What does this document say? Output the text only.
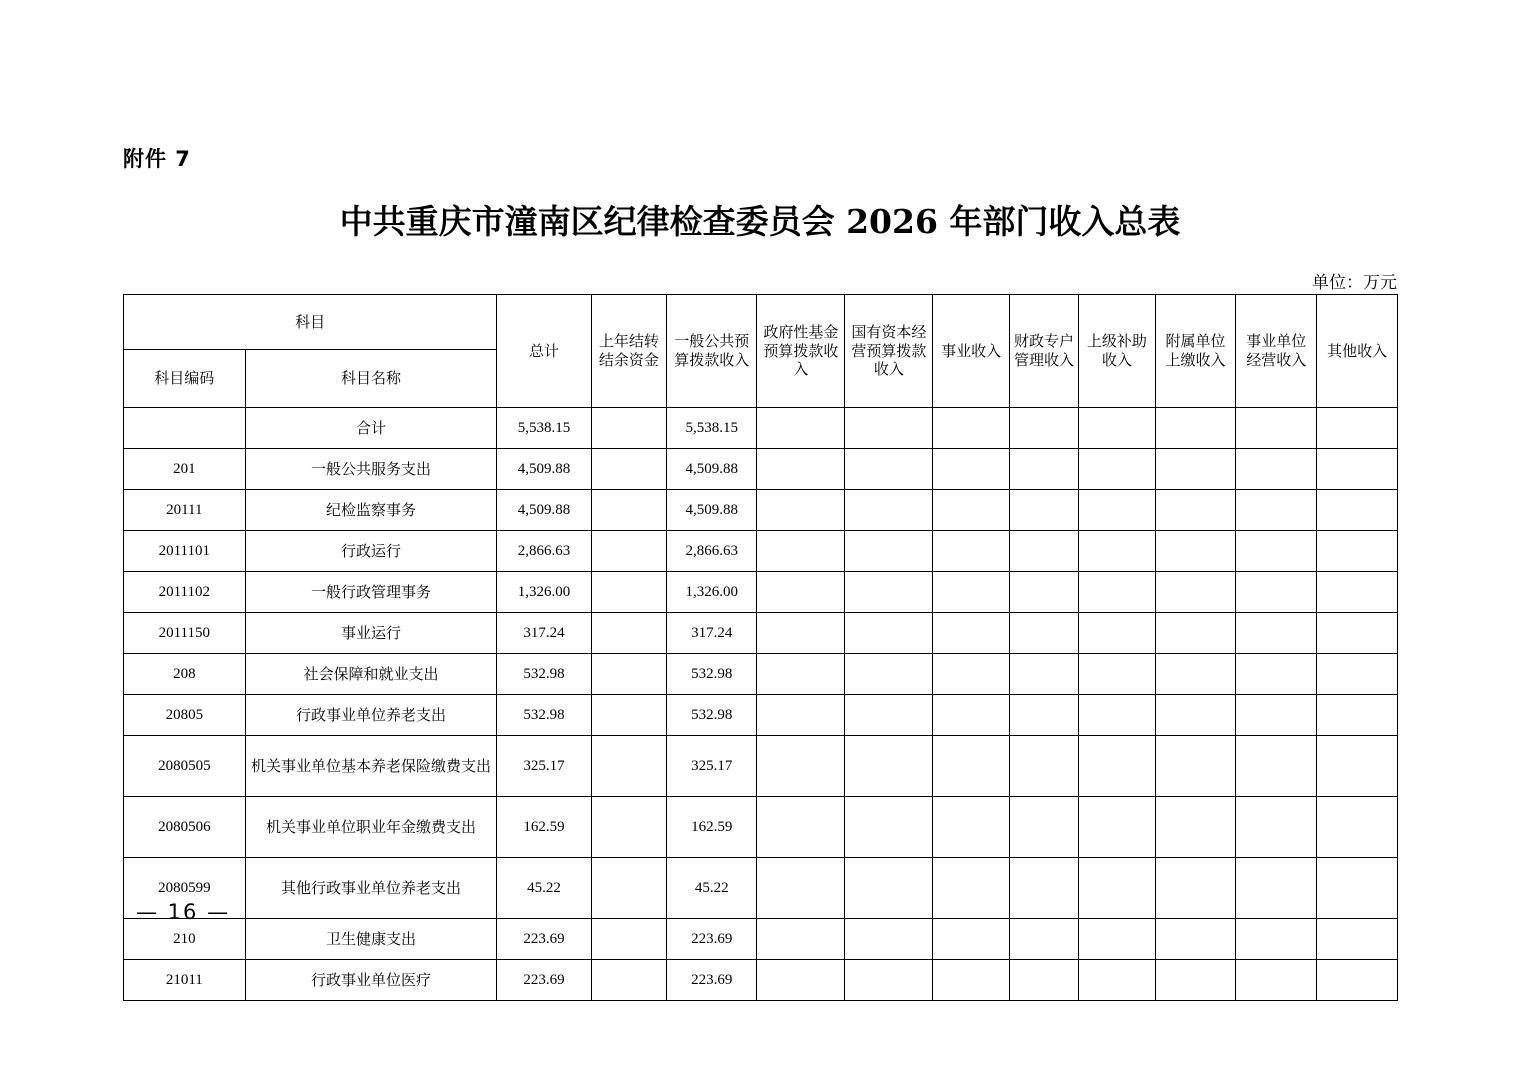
附件 7
中共重庆市潼南区纪律检查委员会 2026 年部门收入总表
单位：万元
科目		总计	上年结转结余资金	一般公共预算拨款收入	政府性基金预算拨款收入	国有资本经营预算拨款收入	事业收入	财政专户管理收入	上级补助收入	附属单位上缴收入	事业单位经营收入	其他收入
科目编码	科目名称											
	合计	5,538.15		5,538.15								
201	一般公共服务支出	4,509.88		4,509.88								
20111	纪检监察事务	4,509.88		4,509.88								
2011101	行政运行	2,866.63		2,866.63								
2011102	一般行政管理事务	1,326.00		1,326.00								
2011150	事业运行	317.24		317.24								
208	社会保障和就业支出	532.98		532.98								
20805	行政事业单位养老支出	532.98		532.98								
2080505	机关事业单位基本养老保险缴费支出	325.17		325.17								
2080506	机关事业单位职业年金缴费支出	162.59		162.59								
2080599	其他行政事业单位养老支出	45.22		45.22								
210	卫生健康支出	223.69		223.69								
21011	行政事业单位医疗	223.69		223.69								
— 16 —
